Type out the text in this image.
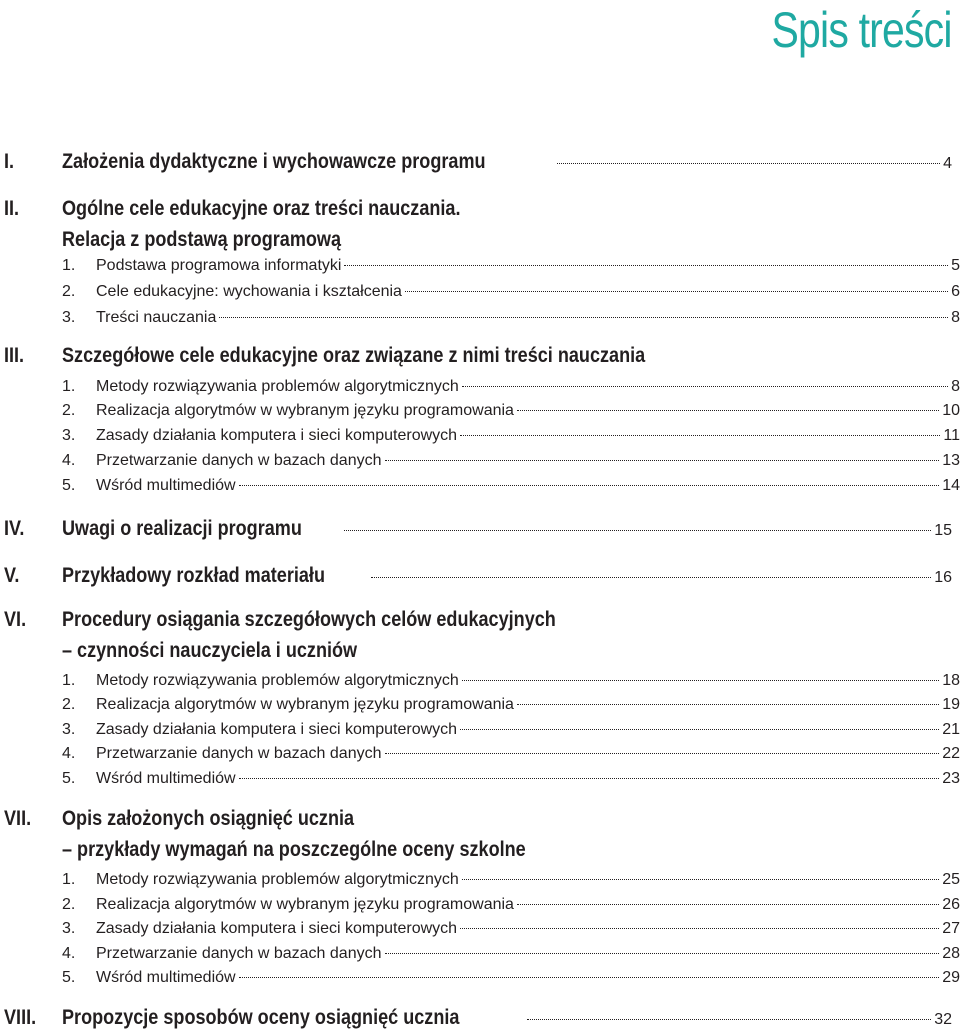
Spis treści
I. Założenia dydaktyczne i wychowawcze programu	4
II. Ogólne cele edukacyjne oraz treści nauczania.
Relacja z podstawą programową
1.	Podstawa programowa informatyki	5
2.	Cele edukacyjne: wychowania i kształcenia	6
3.	Treści nauczania	8
III. Szczegółowe cele edukacyjne oraz związane z nimi treści nauczania
1.	Metody rozwiązywania problemów algorytmicznych	8
2.	Realizacja algorytmów w wybranym języku programowania	10
3.	Zasady działania komputera i sieci komputerowych	11
4.	Przetwarzanie danych w bazach danych	13
5.	Wśród multimediów	14
IV. Uwagi o realizacji programu	15
V. Przykładowy rozkład materiału	16
VI. Procedury osiągania szczegółowych celów edukacyjnych
– czynności nauczyciela i uczniów
1.	Metody rozwiązywania problemów algorytmicznych	18
2.	Realizacja algorytmów w wybranym języku programowania	19
3.	Zasady działania komputera i sieci komputerowych	21
4.	Przetwarzanie danych w bazach danych	22
5.	Wśród multimediów	23
VII. Opis założonych osiągnięć ucznia
– przykłady wymagań na poszczególne oceny szkolne
1.	Metody rozwiązywania problemów algorytmicznych	25
2.	Realizacja algorytmów w wybranym języku programowania	26
3.	Zasady działania komputera i sieci komputerowych	27
4.	Przetwarzanie danych w bazach danych	28
5.	Wśród multimediów	29
VIII. Propozycje sposobów oceny osiągnięć ucznia	32
